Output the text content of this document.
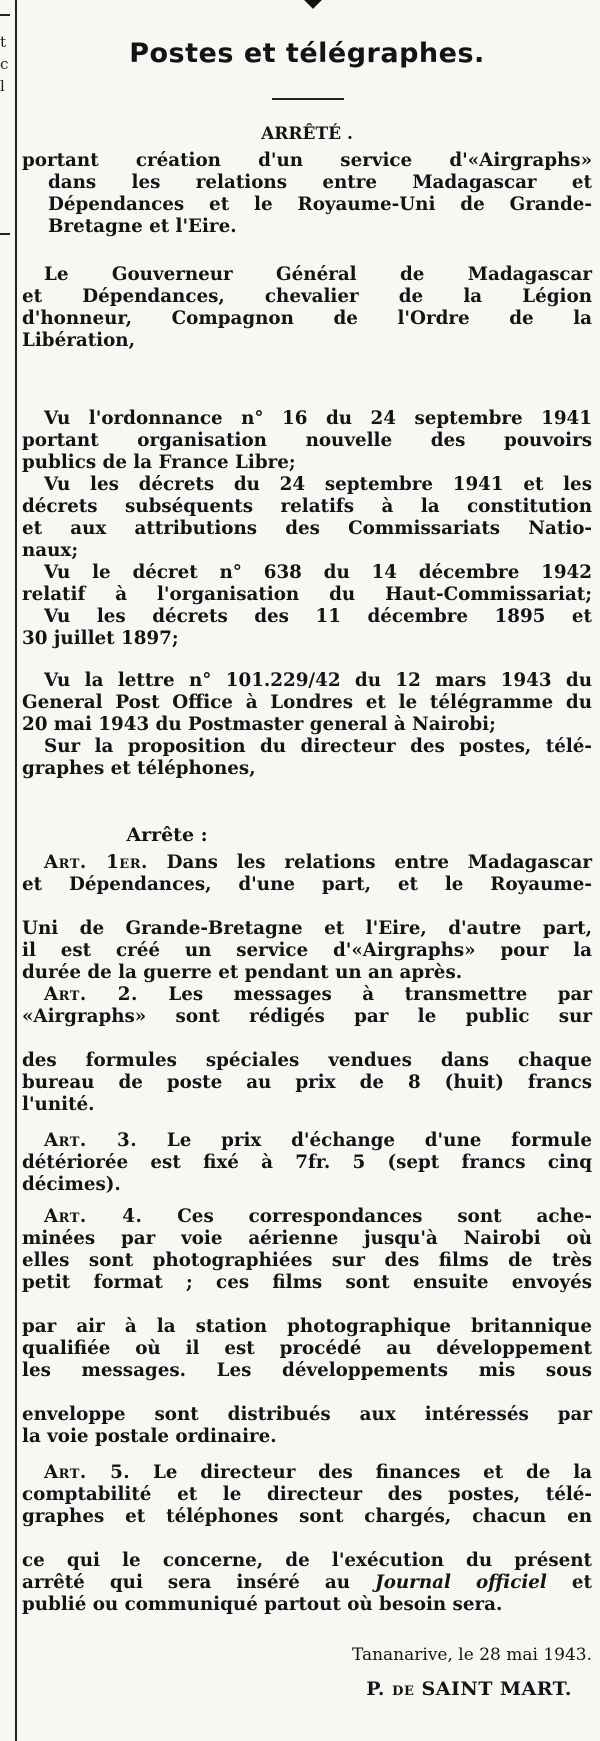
t
c
l
Postes et télégraphes.
ARRÊTÉ .
portant création d'un service d'«Airgraphs»
dans les relations entre Madagascar et
Dépendances et le Royaume-Uni de Grande-
Bretagne et l'Eire.
Le Gouverneur Général de Madagascar
et Dépendances, chevalier de la Légion
d'honneur, Compagnon de l'Ordre de la
Libération,
Vu l'ordonnance n° 16 du 24 septembre 1941
portant organisation nouvelle des pouvoirs
publics de la France Libre;
Vu les décrets du 24 septembre 1941 et les
décrets subséquents relatifs à la constitution
et aux attributions des Commissariats Natio-
naux;
Vu le décret n° 638 du 14 décembre 1942
relatif à l'organisation du Haut-Commissariat;
Vu les décrets des 11 décembre 1895 et
30 juillet 1897;
Vu la lettre n° 101.229/42 du 12 mars 1943 du
General Post Office à Londres et le télégramme du
20 mai 1943 du Postmaster general à Nairobi;
Sur la proposition du directeur des postes, télé-
graphes et téléphones,
Arrête :
Art. 1er. Dans les relations entre Madagascar
et Dépendances, d'une part, et le Royaume-
Uni de Grande-Bretagne et l'Eire, d'autre part,
il est créé un service d'«Airgraphs» pour la
durée de la guerre et pendant un an après.
Art. 2. Les messages à transmettre par
«Airgraphs» sont rédigés par le public sur
des formules spéciales vendues dans chaque
bureau de poste au prix de 8 (huit) francs
l'unité.
Art. 3. Le prix d'échange d'une formule
détériorée est fixé à 7fr. 5 (sept francs cinq
décimes).
Art. 4. Ces correspondances sont ache-
minées par voie aérienne jusqu'à Nairobi où
elles sont photographiées sur des films de très
petit format ; ces films sont ensuite envoyés
par air à la station photographique britannique
qualifiée où il est procédé au développement
les messages. Les développements mis sous
enveloppe sont distribués aux intéressés par
la voie postale ordinaire.
Art. 5. Le directeur des finances et de la
comptabilité et le directeur des postes, télé-
graphes et téléphones sont chargés, chacun en
ce qui le concerne, de l'exécution du présent
arrêté qui sera inséré au Journal officiel et
publié ou communiqué partout où besoin sera.
Tananarive, le 28 mai 1943.
P. de SAINT MART.
